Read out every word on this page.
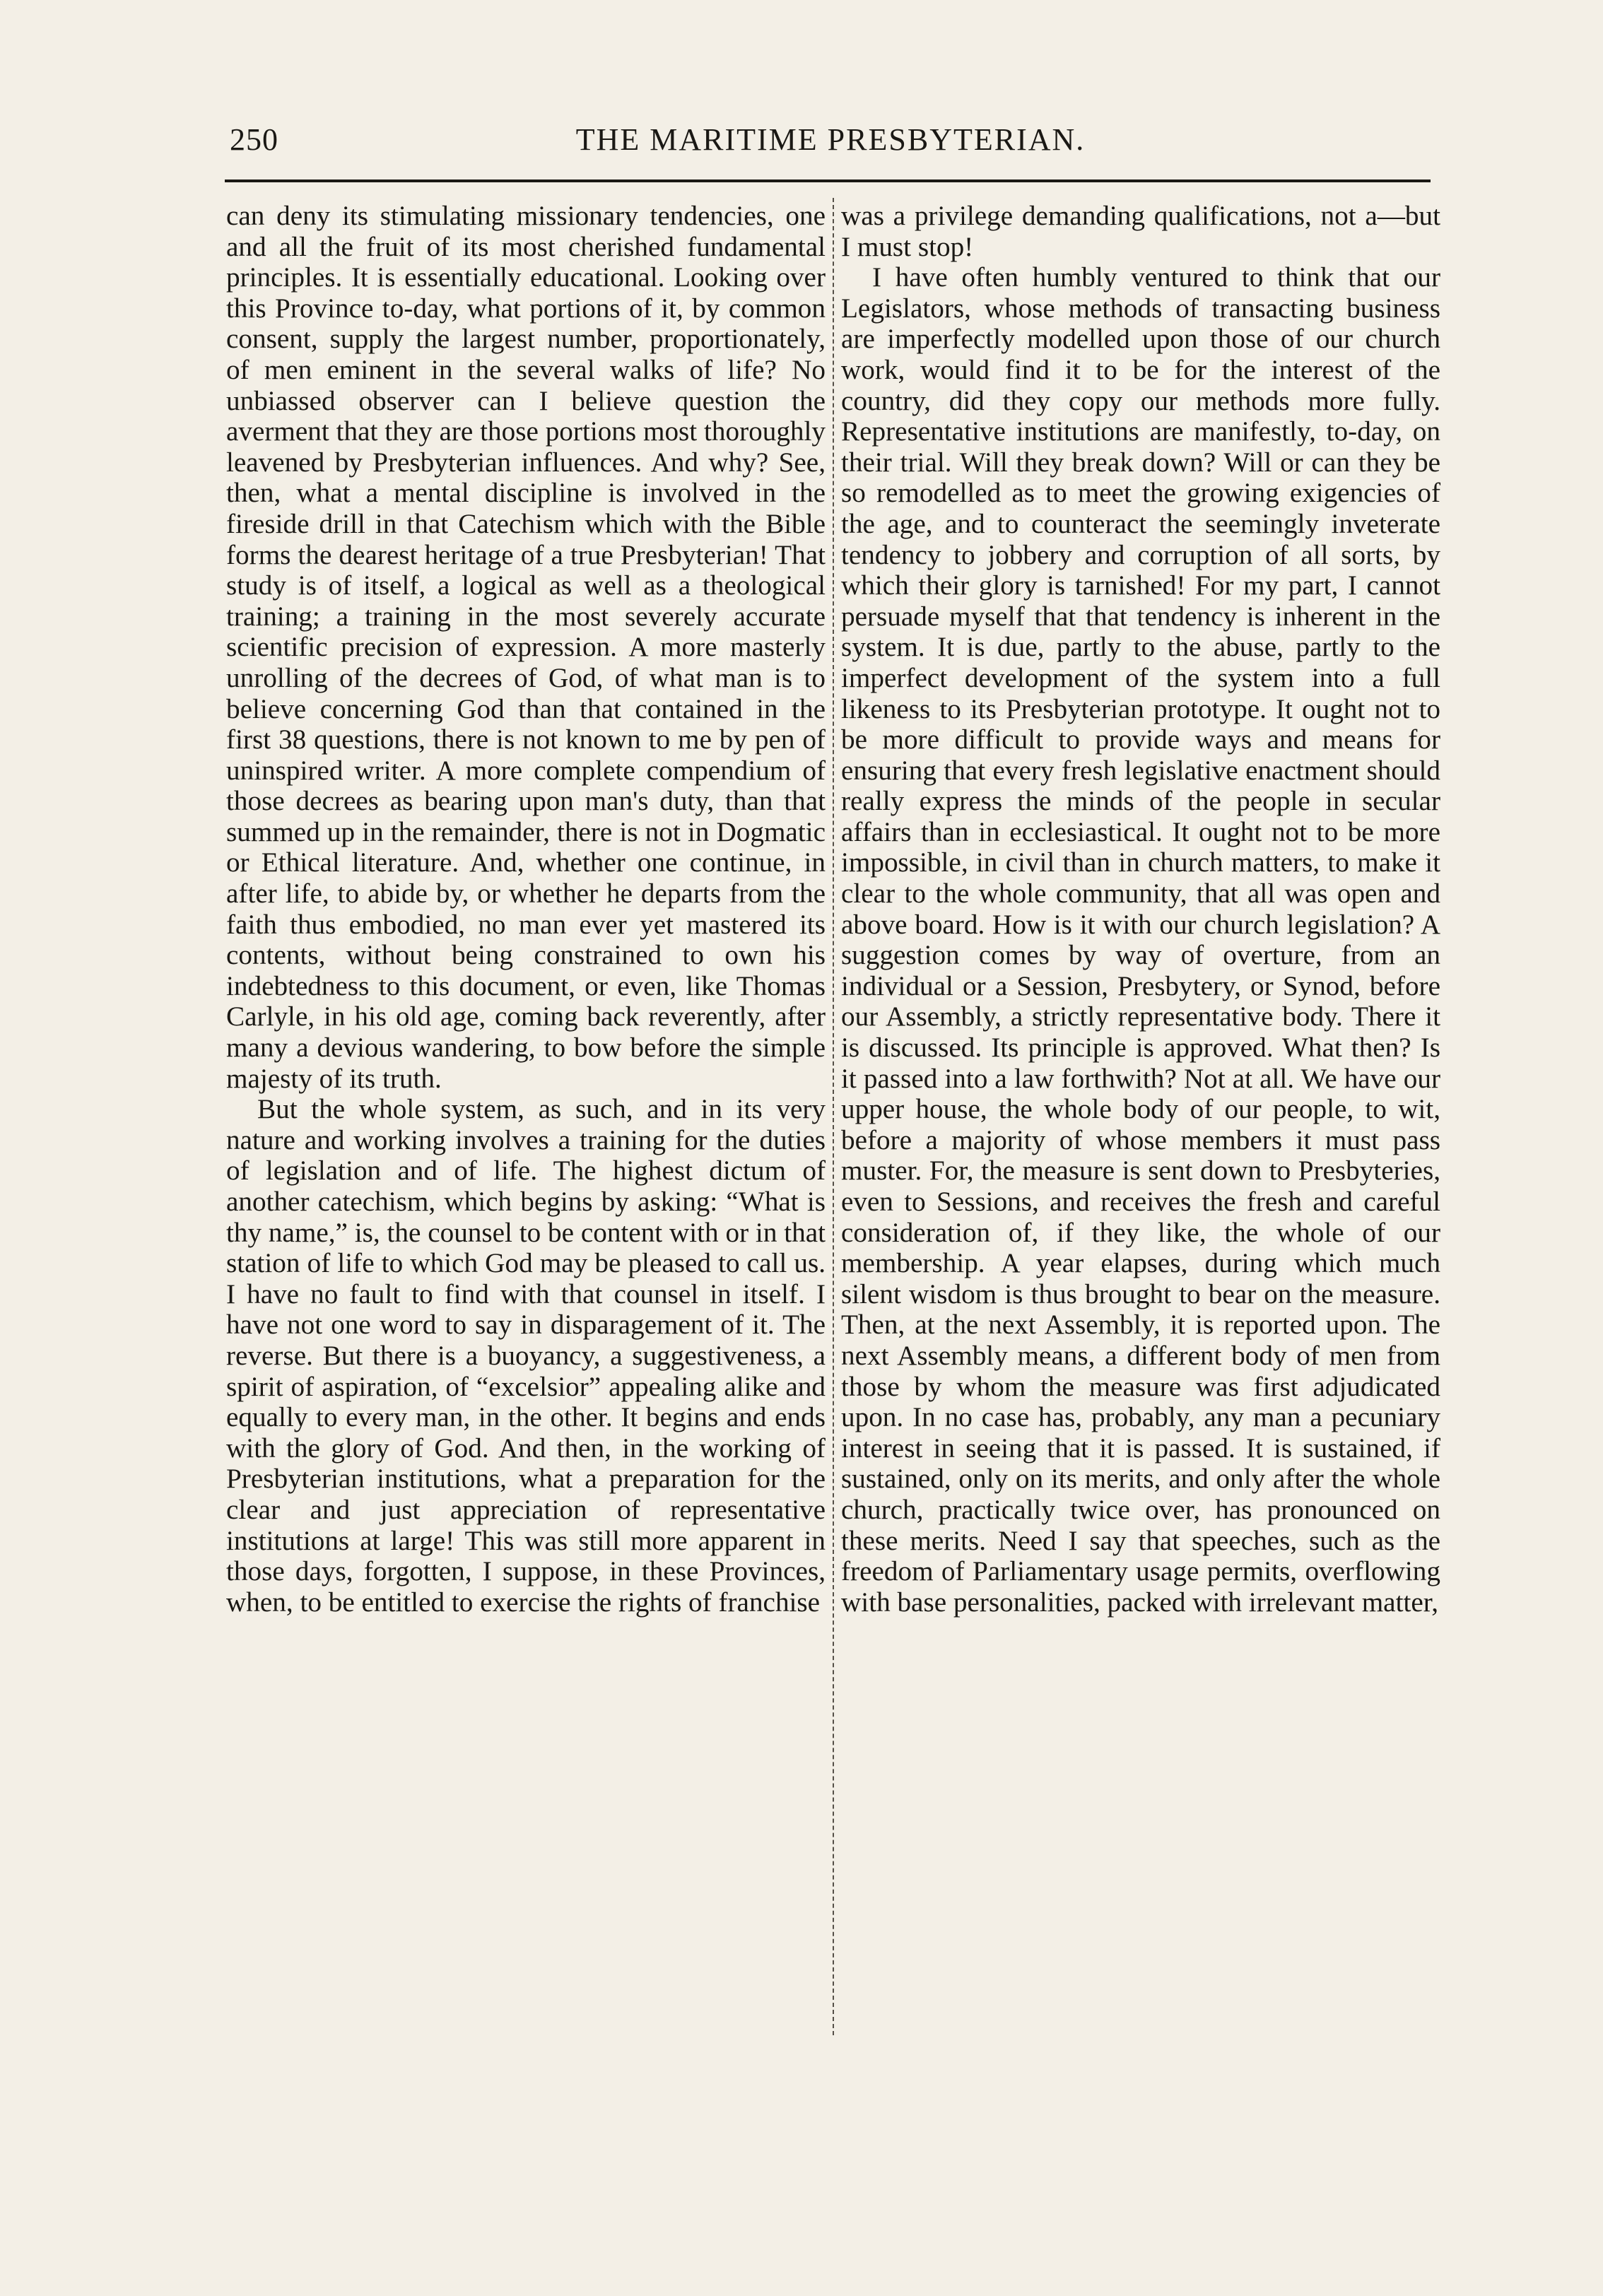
250	THE MARITIME PRESBYTERIAN.

can deny its stimulating missionary tendencies, one and all the fruit of its most cherished fundamental principles. It is essentially educational. Looking over this Province to-day, what portions of it, by common consent, supply the largest number, proportionately, of men eminent in the several walks of life? No unbiassed observer can I believe question the averment that they are those portions most thoroughly leavened by Presbyterian influences. And why? See, then, what a mental discipline is involved in the fireside drill in that Catechism which with the Bible forms the dearest heritage of a true Presbyterian! That study is of itself, a logical as well as a theological training; a training in the most severely accurate scientific precision of expression. A more masterly unrolling of the decrees of God, of what man is to believe concerning God than that contained in the first 38 questions, there is not known to me by pen of uninspired writer. A more complete compendium of those decrees as bearing upon man's duty, than that summed up in the remainder, there is not in Dogmatic or Ethical literature. And, whether one continue, in after life, to abide by, or whether he departs from the faith thus embodied, no man ever yet mastered its contents, without being constrained to own his indebtedness to this document, or even, like Thomas Carlyle, in his old age, coming back reverently, after many a devious wandering, to bow before the simple majesty of its truth.

But the whole system, as such, and in its very nature and working involves a training for the duties of legislation and of life. The highest dictum of another catechism, which begins by asking: “What is thy name,” is, the counsel to be content with or in that station of life to which God may be pleased to call us. I have no fault to find with that counsel in itself. I have not one word to say in disparagement of it. The reverse. But there is a buoyancy, a suggestiveness, a spirit of aspiration, of “excelsior” appealing alike and equally to every man, in the other. It begins and ends with the glory of God. And then, in the working of Presbyterian institutions, what a preparation for the clear and just appreciation of representative institutions at large! This was still more apparent in those days, forgotten, I suppose, in these Provinces, when, to be entitled to exercise the rights of franchise

was a privilege demanding qualifications, not a—but I must stop!

I have often humbly ventured to think that our Legislators, whose methods of transacting business are imperfectly modelled upon those of our church work, would find it to be for the interest of the country, did they copy our methods more fully. Representative institutions are manifestly, to-day, on their trial. Will they break down? Will or can they be so remodelled as to meet the growing exigencies of the age, and to counteract the seemingly inveterate tendency to jobbery and corruption of all sorts, by which their glory is tarnished! For my part, I cannot persuade myself that that tendency is inherent in the system. It is due, partly to the abuse, partly to the imperfect development of the system into a full likeness to its Presbyterian prototype. It ought not to be more difficult to provide ways and means for ensuring that every fresh legislative enactment should really express the minds of the people in secular affairs than in ecclesiastical. It ought not to be more impossible, in civil than in church matters, to make it clear to the whole community, that all was open and above board. How is it with our church legislation? A suggestion comes by way of overture, from an individual or a Session, Presbytery, or Synod, before our Assembly, a strictly representative body. There it is discussed. Its principle is approved. What then? Is it passed into a law forthwith? Not at all. We have our upper house, the whole body of our people, to wit, before a majority of whose members it must pass muster. For, the measure is sent down to Presbyteries, even to Sessions, and receives the fresh and careful consideration of, if they like, the whole of our membership. A year elapses, during which much silent wisdom is thus brought to bear on the measure. Then, at the next Assembly, it is reported upon. The next Assembly means, a different body of men from those by whom the measure was first adjudicated upon. In no case has, probably, any man a pecuniary interest in seeing that it is passed. It is sustained, if sustained, only on its merits, and only after the whole church, practically twice over, has pronounced on these merits. Need I say that speeches, such as the freedom of Parliamentary usage permits, overflowing with base personalities, packed with irrelevant matter,
